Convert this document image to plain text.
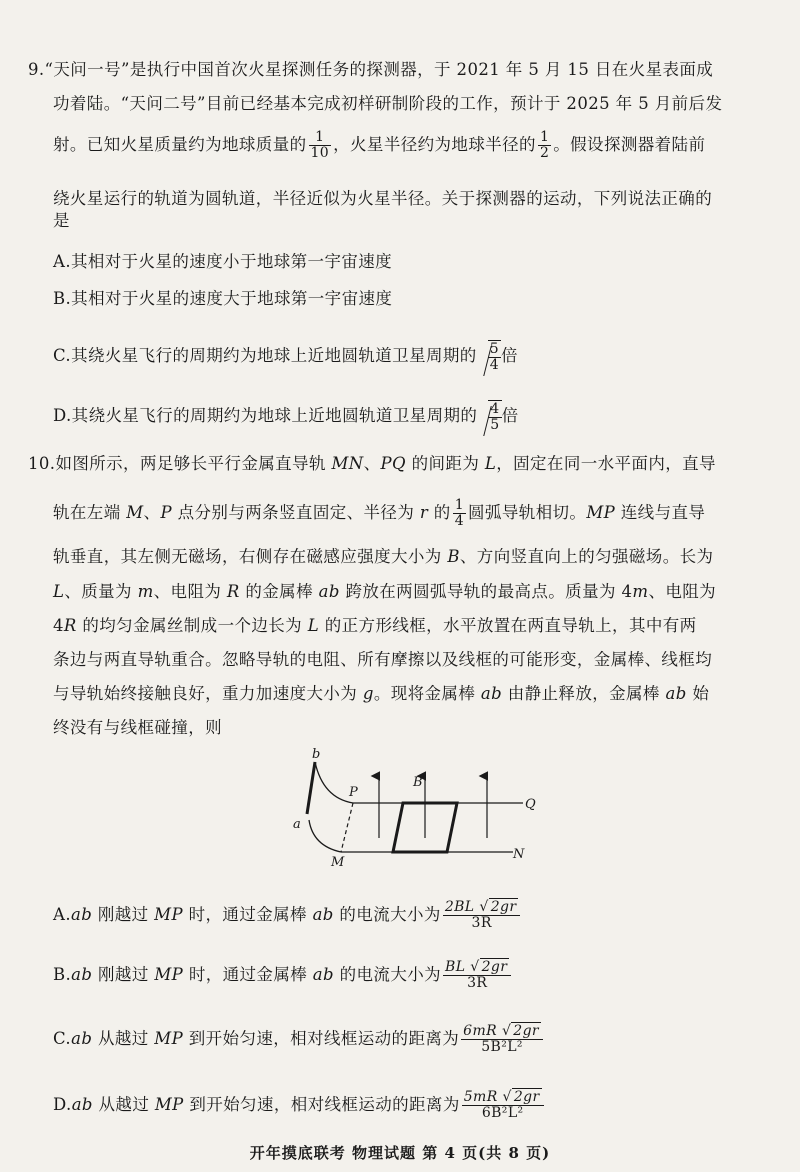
9.“天问一号”是执行中国首次火星探测任务的探测器，于 2021 年 5 月 15 日在火星表面成
功着陆。“天问二号”目前已经基本完成初样研制阶段的工作，预计于 2025 年 5 月前后发
射。已知火星质量约为地球质量的 $\frac{1}{10}$ ，火星半径约为地球半径的 $\frac{1}{2}$ 。假设探测器着陆前
绕火星运行的轨道为圆轨道，半径近似为火星半径。关于探测器的运动，下列说法正确的
是
A.其相对于火星的速度小于地球第一宇宙速度
B.其相对于火星的速度大于地球第一宇宙速度
C.其绕火星飞行的周期约为地球上近地圆轨道卫星周期的 $\frac{5}{4}$ 倍
D.其绕火星飞行的周期约为地球上近地圆轨道卫星周期的 $\frac{4}{5}$ 倍
10.如图所示，两足够长平行金属直导轨 MN、PQ 的间距为 L，固定在同一水平面内，直导
轨在左端 M、P 点分别与两条竖直固定、半径为 r 的 $\frac{1}{4}$ 圆弧导轨相切。MP 连线与直导
轨垂直，其左侧无磁场，右侧存在磁感应强度大小为 B、方向竖直向上的匀强磁场。长为
L、质量为 m、电阻为 R 的金属棒 ab 跨放在两圆弧导轨的最高点。质量为 4m、电阻为
4R 的均匀金属丝制成一个边长为 L 的正方形线框，水平放置在两直导轨上，其中有两
条边与两直导轨重合。忽略导轨的电阻、所有摩擦以及线框的可能形变，金属棒、线框均
与导轨始终接触良好，重力加速度大小为 g。现将金属棒 ab 由静止释放，金属棒 ab 始
终没有与线框碰撞，则
b
a
P
M
B
Q
N
A.ab 刚越过 MP 时，通过金属棒 ab 的电流大小为 $\frac{2BL √ 2gr}{3R}$
B.ab 刚越过 MP 时，通过金属棒 ab 的电流大小为 $\frac{BL √ 2gr}{3R}$
C.ab 从越过 MP 到开始匀速，相对线框运动的距离为 $\frac{6mR √ 2gr}{\text{5B²L²}}$
D.ab 从越过 MP 到开始匀速，相对线框运动的距离为 $\frac{5mR √ 2gr}{\text{6B²L²}}$
开年摸底联考 物理试题 第 4 页(共 8 页)
